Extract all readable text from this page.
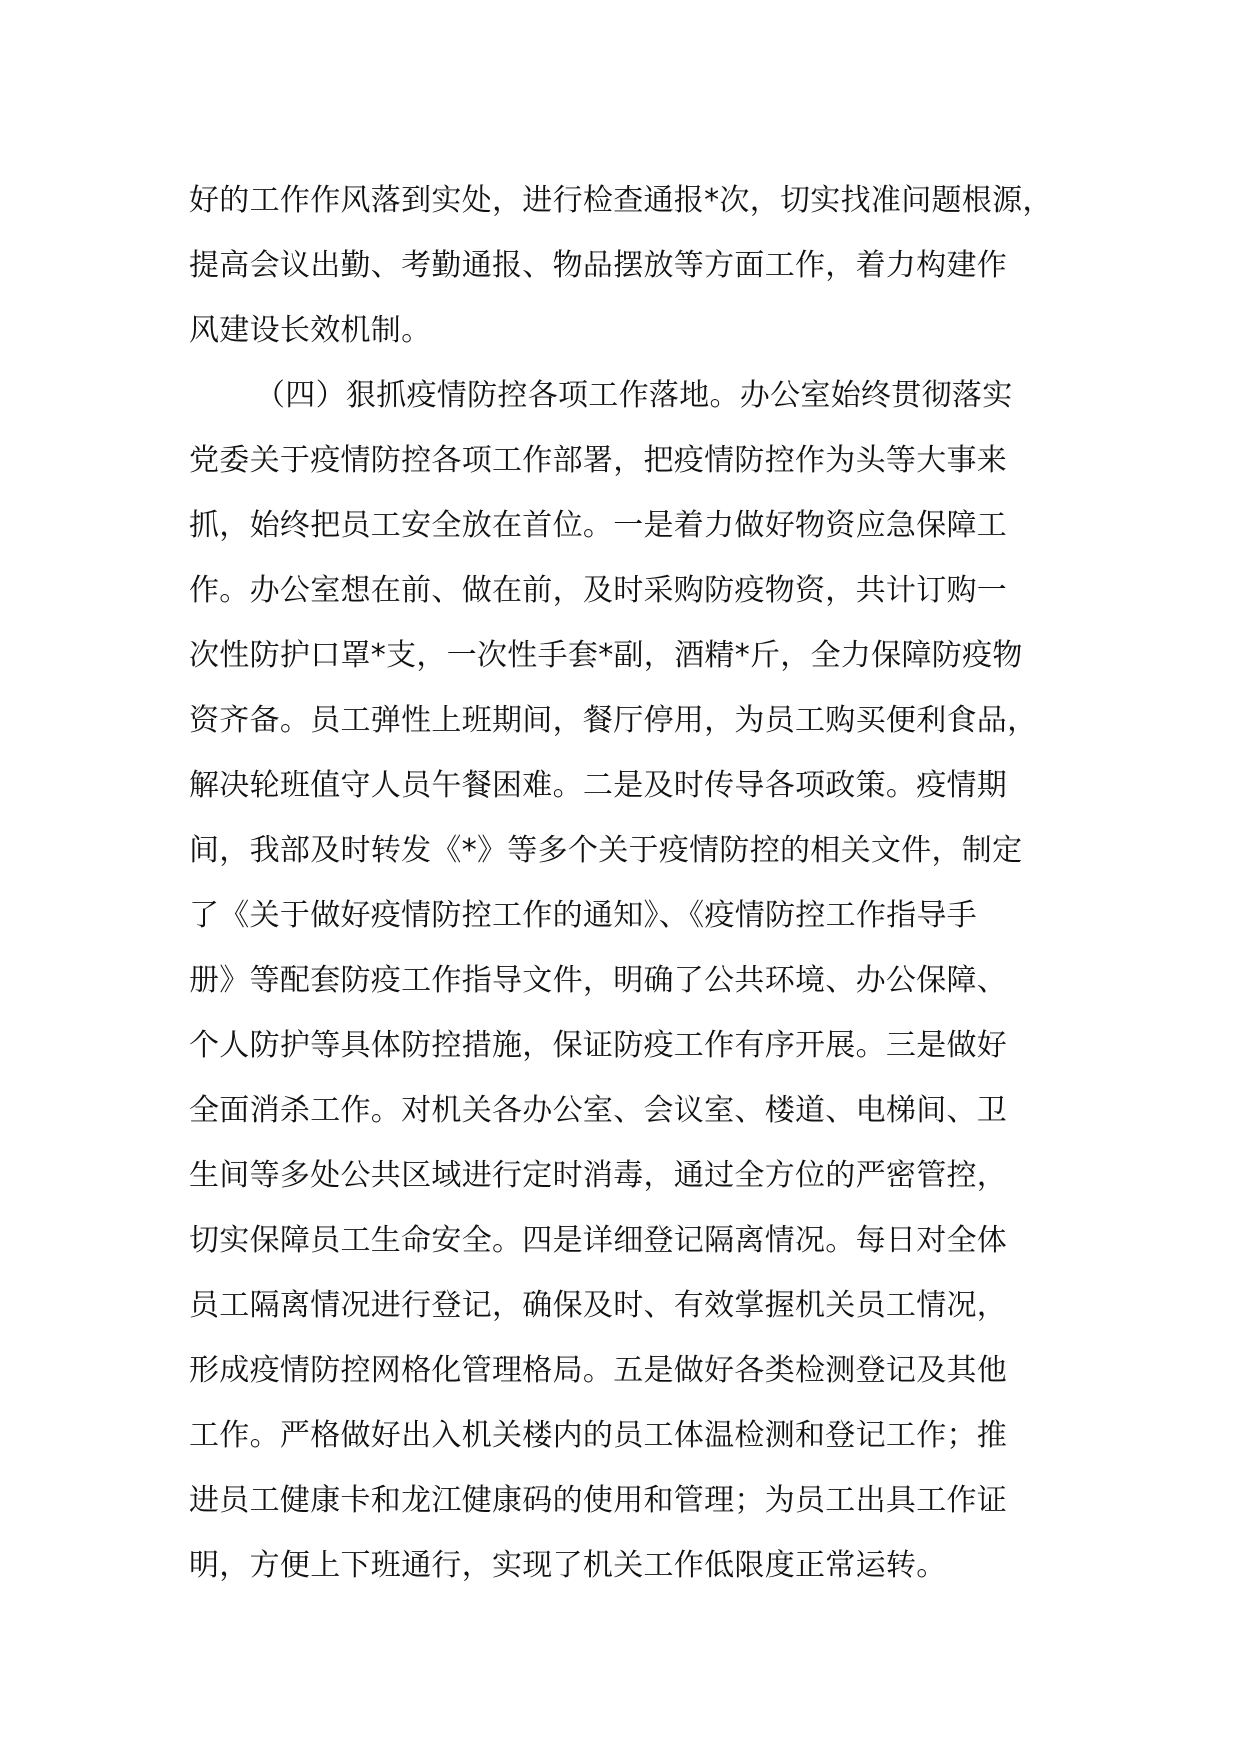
好的工作作风落到实处，进行检查通报*次，切实找准问题根源，
提高会议出勤、考勤通报、物品摆放等方面工作，着力构建作
风建设长效机制。
（四）狠抓疫情防控各项工作落地。办公室始终贯彻落实
党委关于疫情防控各项工作部署，把疫情防控作为头等大事来
抓，始终把员工安全放在首位。一是着力做好物资应急保障工
作。办公室想在前、做在前，及时采购防疫物资，共计订购一
次性防护口罩*支，一次性手套*副，酒精*斤，全力保障防疫物
资齐备。员工弹性上班期间，餐厅停用，为员工购买便利食品，
解决轮班值守人员午餐困难。二是及时传导各项政策。疫情期
间，我部及时转发《*》等多个关于疫情防控的相关文件，制定
了《关于做好疫情防控工作的通知》、《疫情防控工作指导手
册》等配套防疫工作指导文件，明确了公共环境、办公保障、
个人防护等具体防控措施，保证防疫工作有序开展。三是做好
全面消杀工作。对机关各办公室、会议室、楼道、电梯间、卫
生间等多处公共区域进行定时消毒，通过全方位的严密管控，
切实保障员工生命安全。四是详细登记隔离情况。每日对全体
员工隔离情况进行登记，确保及时、有效掌握机关员工情况，
形成疫情防控网格化管理格局。五是做好各类检测登记及其他
工作。严格做好出入机关楼内的员工体温检测和登记工作；推
进员工健康卡和龙江健康码的使用和管理；为员工出具工作证
明，方便上下班通行，实现了机关工作低限度正常运转。
